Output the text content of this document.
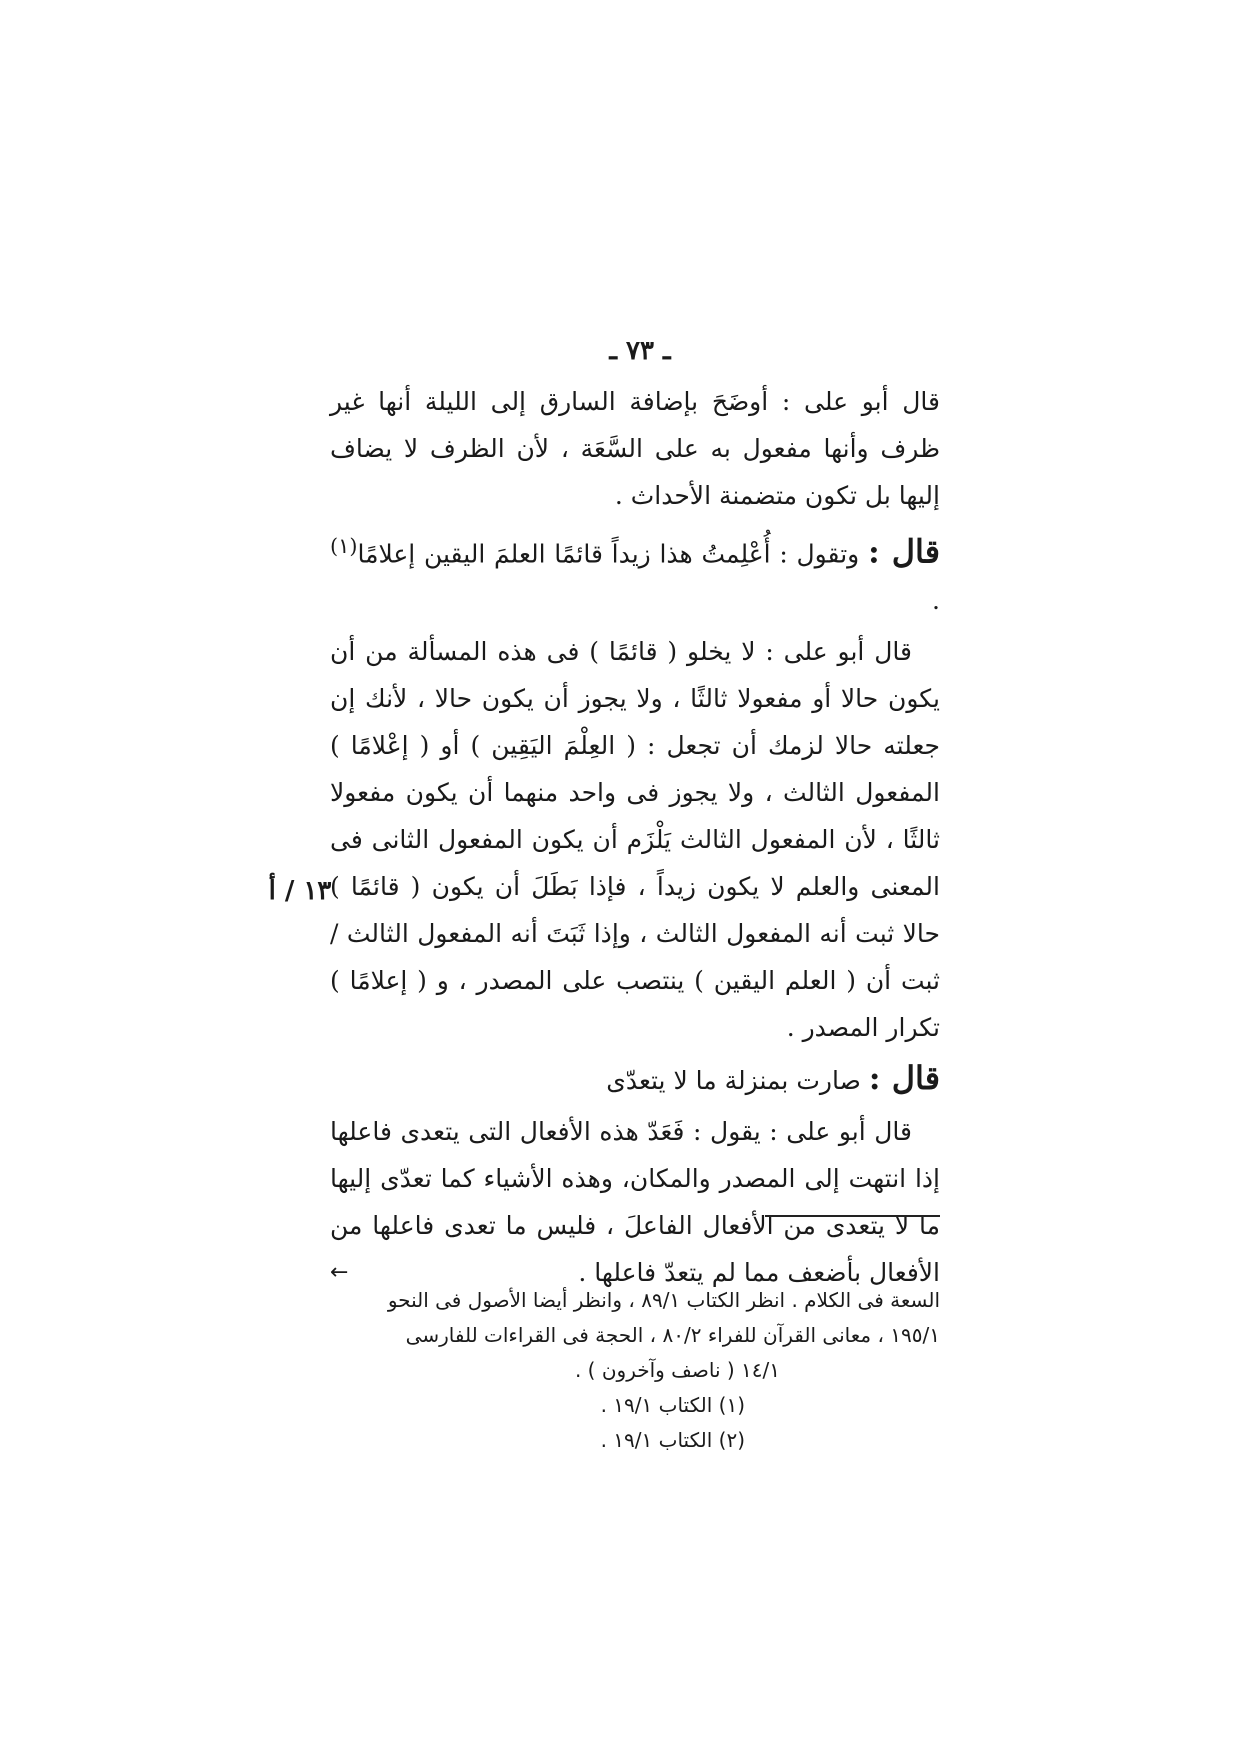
ـ ٧٣ ـ

قال أبو على : أوضَحَ بإضافة السارق إلى الليلة أنها غير ظرف وأنها مفعول به على السَّعَة ، لأن الظرف لا يضاف إليها بل تكون متضمنة الأحداث .

قال : وتقول : أُعْلِمتُ هذا زيداً قائمًا العلمَ اليقين إعلامًا$^{(١)}$ .

قال أبو على : لا يخلو ( قائمًا ) فى هذه المسألة من أن يكون حالا أو مفعولا ثالثًا ، ولا يجوز أن يكون حالا ، لأنك إن جعلته حالا لزمك أن تجعل : ( العِلْمَ اليَقِين ) أو ( إعْلامًا ) المفعول الثالث ، ولا يجوز فى واحد منهما أن يكون مفعولا ثالثًا ، لأن المفعول الثالث يَلْزَم أن يكون المفعول الثانى فى المعنى والعلم لا يكون زيداً ، فإذا بَطَلَ أن يكون ( قائمًا ) حالا ثبت أنه المفعول الثالث ، وإذا ثَبَتَ أنه المفعول الثالث / ثبت أن ( العلم اليقين ) ينتصب على المصدر ، و ( إعلامًا ) تكرار المصدر .

قال : صارت بمنزلة ما لا يتعدّى

قال أبو على : يقول : فَعَدّ هذه الأفعال التى يتعدى فاعلها إذا انتهت إلى المصدر والمكان، وهذه الأشياء كما تعدّى إليها ما لا يتعدى من الأفعال الفاعلَ ، فليس ما تعدى فاعلها من الأفعال بأضعف مما لم يتعدّ فاعلها .

١٣ / أ
←

السعة فى الكلام . انظر الكتاب ٨٩/١ ، وانظر أيضا الأصول فى النحو

١٩٥/١ ، معانى القرآن للفراء ٨٠/٢ ، الحجة فى القراءات للفارسى

١٤/١ ( ناصف وآخرون ) .

(١) الكتاب ١٩/١ .

(٢) الكتاب ١٩/١ .
